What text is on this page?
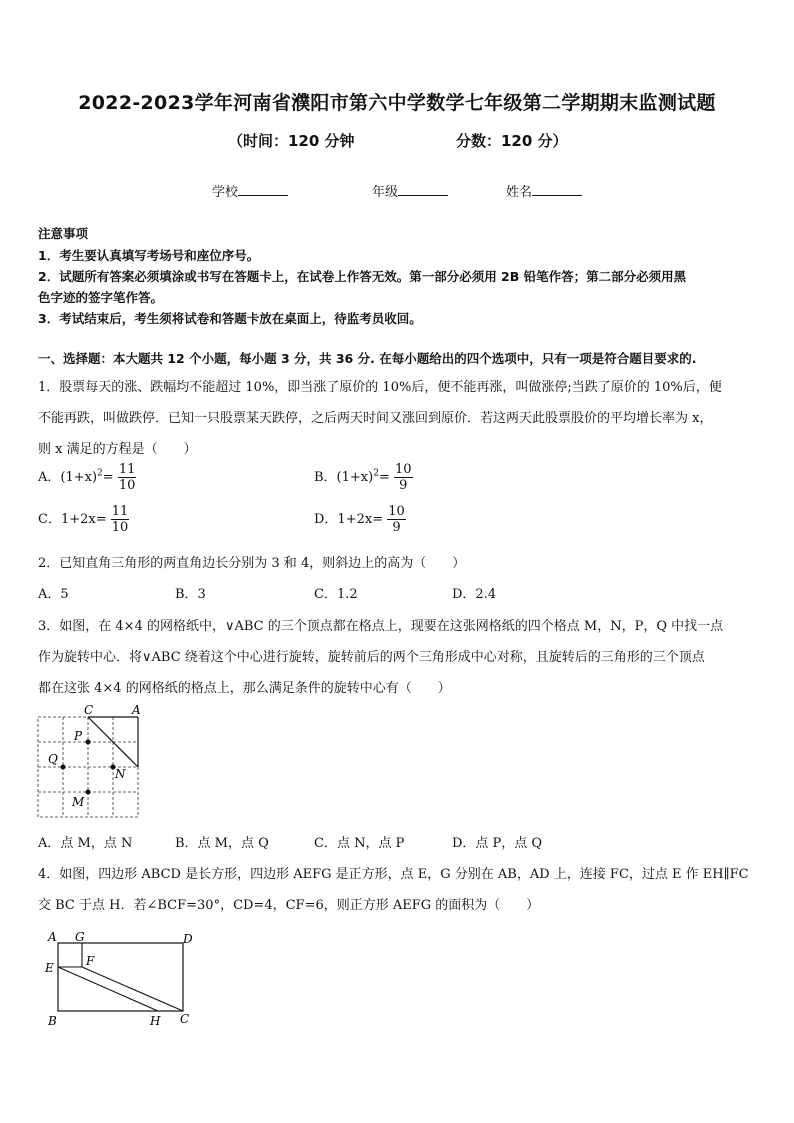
2022-2023学年河南省濮阳市第六中学数学七年级第二学期期末监测试题
（时间：120 分钟	分数：120 分）
学校	年级	姓名
注意事项
1．考生要认真填写考场号和座位序号。
2．试题所有答案必须填涂或书写在答题卡上，在试卷上作答无效。第一部分必须用 2B 铅笔作答；第二部分必须用黑
色字迹的签字笔作答。
3．考试结束后，考生须将试卷和答题卡放在桌面上，待监考员收回。
一、选择题：本大题共 12 个小题，每小题 3 分，共 36 分. 在每小题给出的四个选项中，只有一项是符合题目要求的.
1．股票每天的涨、跌幅均不能超过 10%，即当涨了原价的 10%后，便不能再涨，叫做涨停;当跌了原价的 10%后，便
不能再跌，叫做跌停．已知一只股票某天跌停，之后两天时间又涨回到原价．若这两天此股票股价的平均增长率为 x，
则 x 满足的方程是（　　）
A．$(1+x)^2= \frac{11}{10}$	B．$(1+x)^2= \frac{10}{9}$
C．$1+2x= \frac{11}{10}$	D．$1+2x= \frac{10}{9}$
2．已知直角三角形的两直角边长分别为 3 和 4，则斜边上的高为（　　）
A．5	B．3	C．1.2	D．2.4
3．如图，在 4×4 的网格纸中，∨ABC 的三个顶点都在格点上，现要在这张网格纸的四个格点 M，N，P，Q 中找一点
作为旋转中心．将∨ABC 绕着这个中心进行旋转，旋转前后的两个三角形成中心对称，且旋转后的三角形的三个顶点
都在这张 4×4 的网格纸的格点上，那么满足条件的旋转中心有（　　）
C	A
P
Q
N
M
A．点 M，点 N	B．点 M，点 Q	C．点 N，点 P	D．点 P，点 Q
4．如图，四边形 ABCD 是长方形，四边形 AEFG 是正方形，点 E，G 分别在 AB，AD 上，连接 FC，过点 E 作 EH∥FC
交 BC 于点 H．若∠BCF=30°，CD=4，CF=6，则正方形 AEFG 的面积为（　　）
A G	D
E	F
B	H C
